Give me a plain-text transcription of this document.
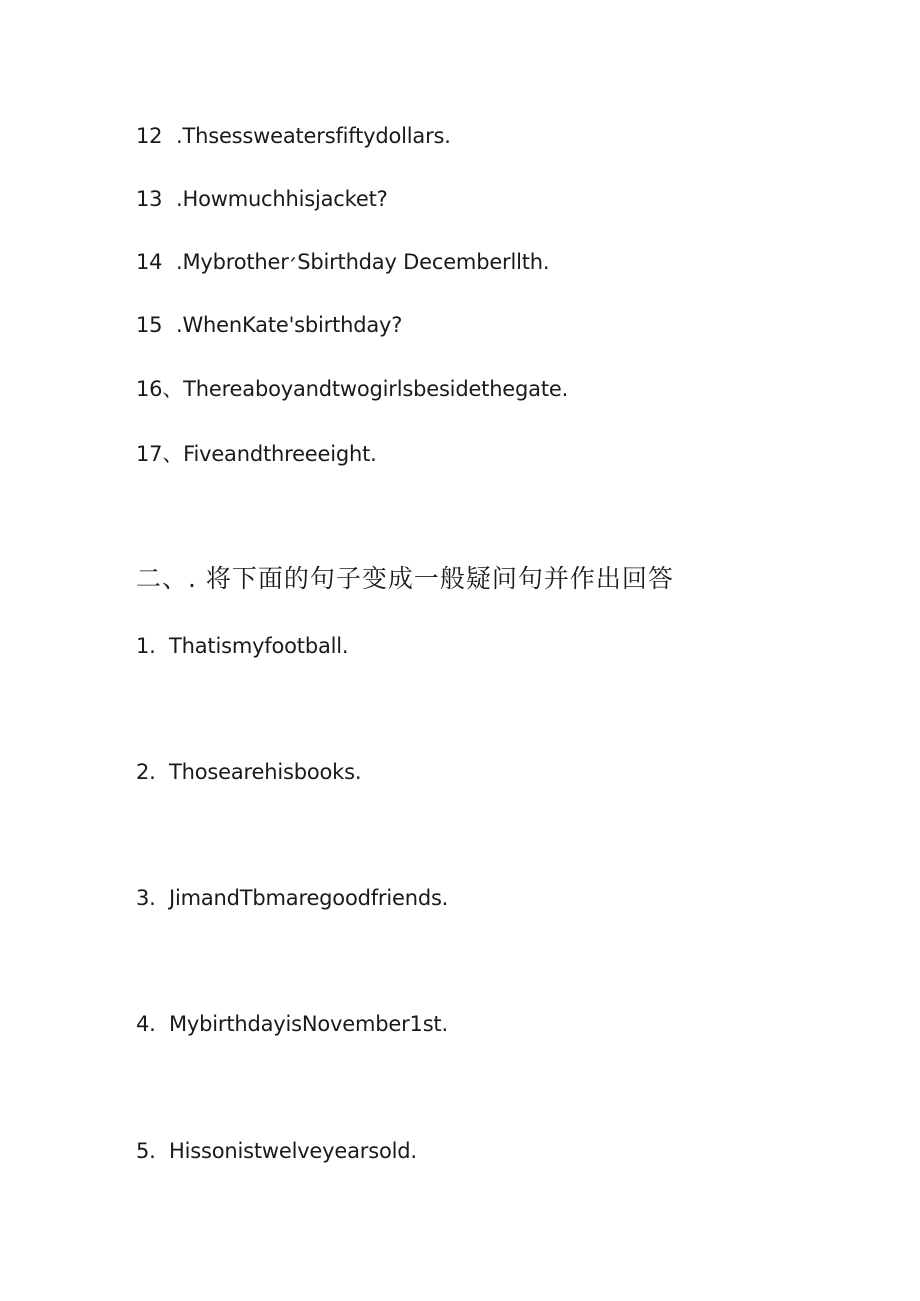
12 .Thsessweatersfiftydollars.
13 .Howmuchhisjacket?
14 .Mybrother׳Sbirthday Decemberllth.
15 .WhenKate'sbirthday?
16、Thereaboyandtwogirlsbesidethegate.
17、Fiveandthreeeight.
二、. 将下面的句子变成一般疑问句并作出回答
1. Thatismyfootball.
2. Thosearehisbooks.
3. JimandTbmaregoodfriends.
4. MybirthdayisNovember1st.
5. Hissonistwelveyearsold.
